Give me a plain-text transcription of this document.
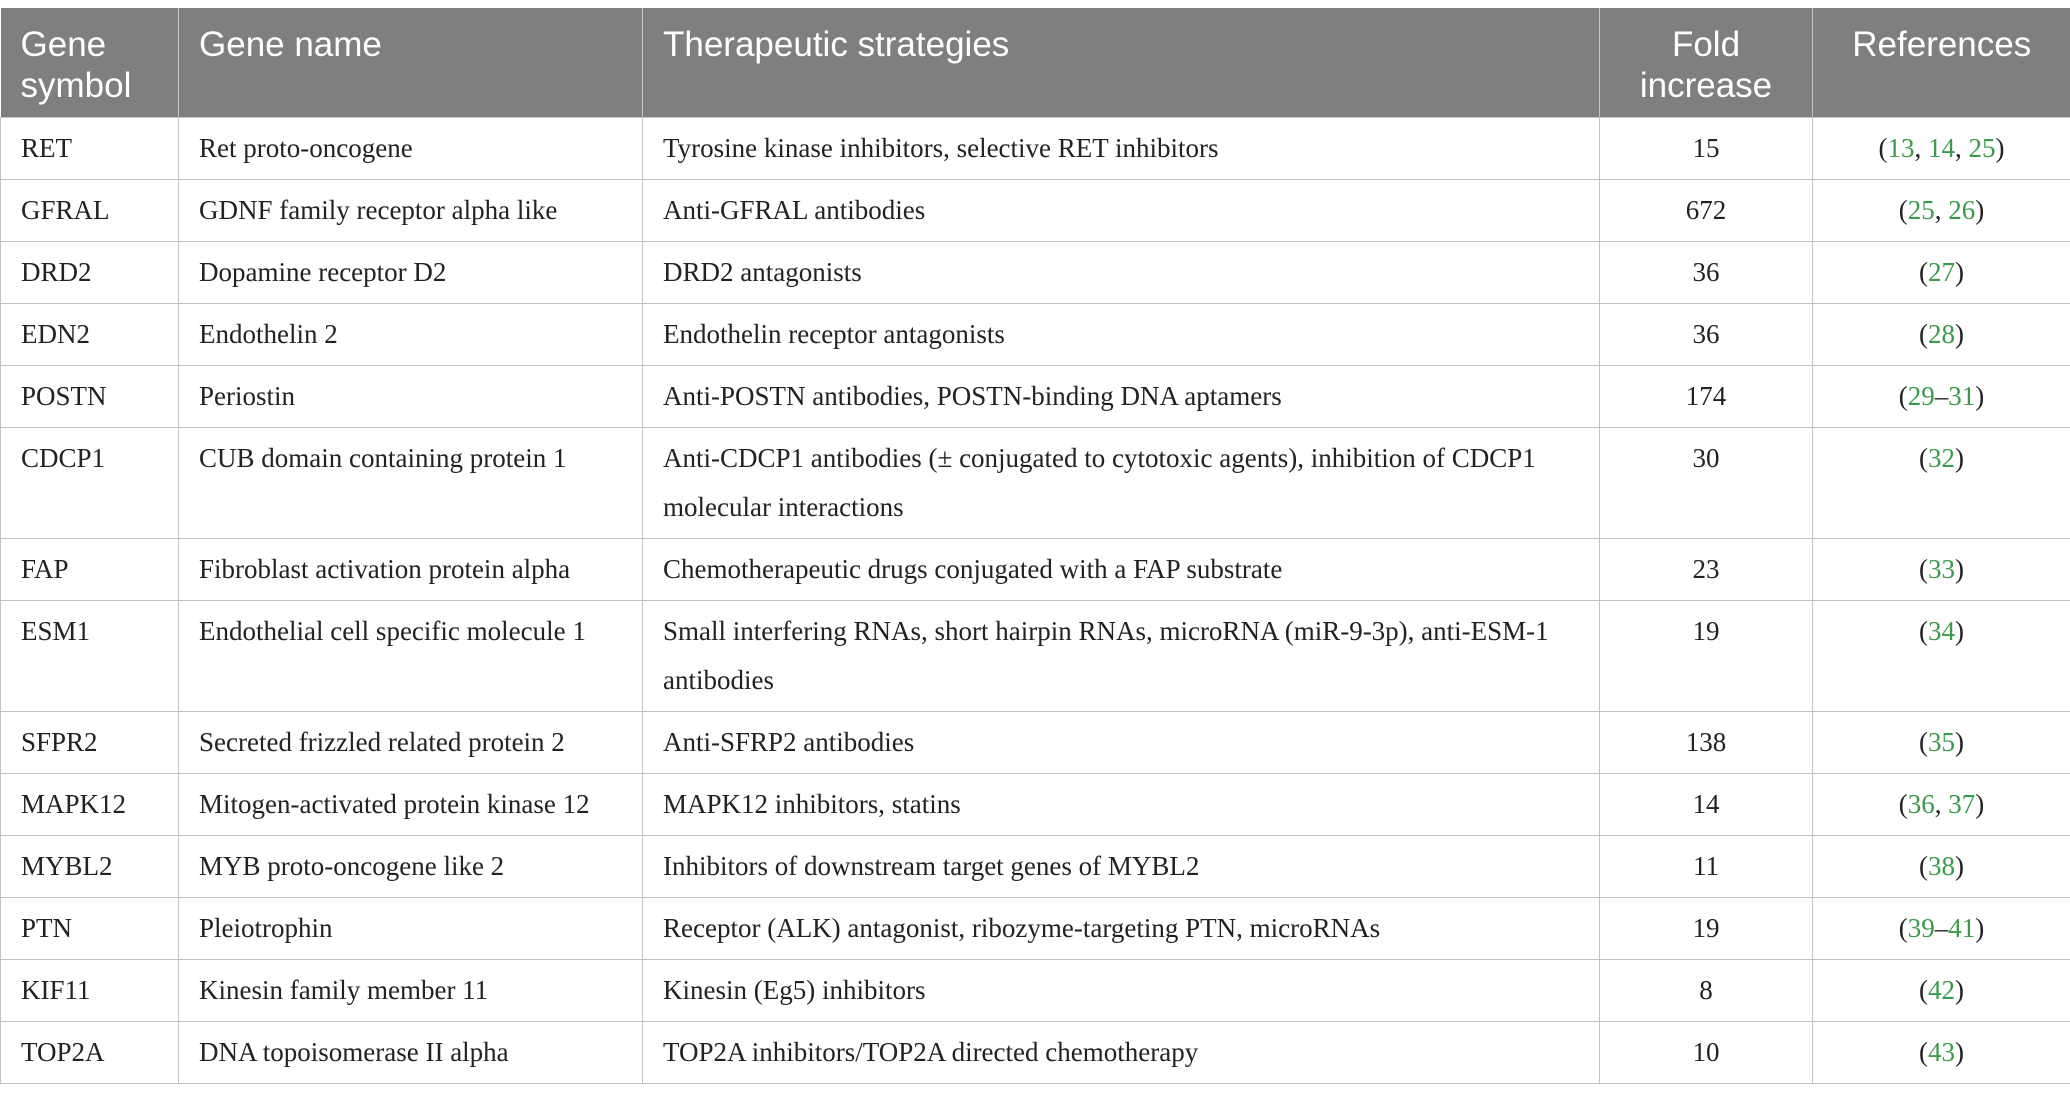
Gene symbol	Gene name	Therapeutic strategies	Fold increase	References
RET	Ret proto-oncogene	Tyrosine kinase inhibitors, selective RET inhibitors	15	(13, 14, 25)
GFRAL	GDNF family receptor alpha like	Anti-GFRAL antibodies	672	(25, 26)
DRD2	Dopamine receptor D2	DRD2 antagonists	36	(27)
EDN2	Endothelin 2	Endothelin receptor antagonists	36	(28)
POSTN	Periostin	Anti-POSTN antibodies, POSTN-binding DNA aptamers	174	(29–31)
CDCP1	CUB domain containing protein 1	Anti-CDCP1 antibodies (± conjugated to cytotoxic agents), inhibition of CDCP1 molecular interactions	30	(32)
FAP	Fibroblast activation protein alpha	Chemotherapeutic drugs conjugated with a FAP substrate	23	(33)
ESM1	Endothelial cell specific molecule 1	Small interfering RNAs, short hairpin RNAs, microRNA (miR-9-3p), anti-ESM-1 antibodies	19	(34)
SFPR2	Secreted frizzled related protein 2	Anti-SFRP2 antibodies	138	(35)
MAPK12	Mitogen-activated protein kinase 12	MAPK12 inhibitors, statins	14	(36, 37)
MYBL2	MYB proto-oncogene like 2	Inhibitors of downstream target genes of MYBL2	11	(38)
PTN	Pleiotrophin	Receptor (ALK) antagonist, ribozyme-targeting PTN, microRNAs	19	(39–41)
KIF11	Kinesin family member 11	Kinesin (Eg5) inhibitors	8	(42)
TOP2A	DNA topoisomerase II alpha	TOP2A inhibitors/TOP2A directed chemotherapy	10	(43)
